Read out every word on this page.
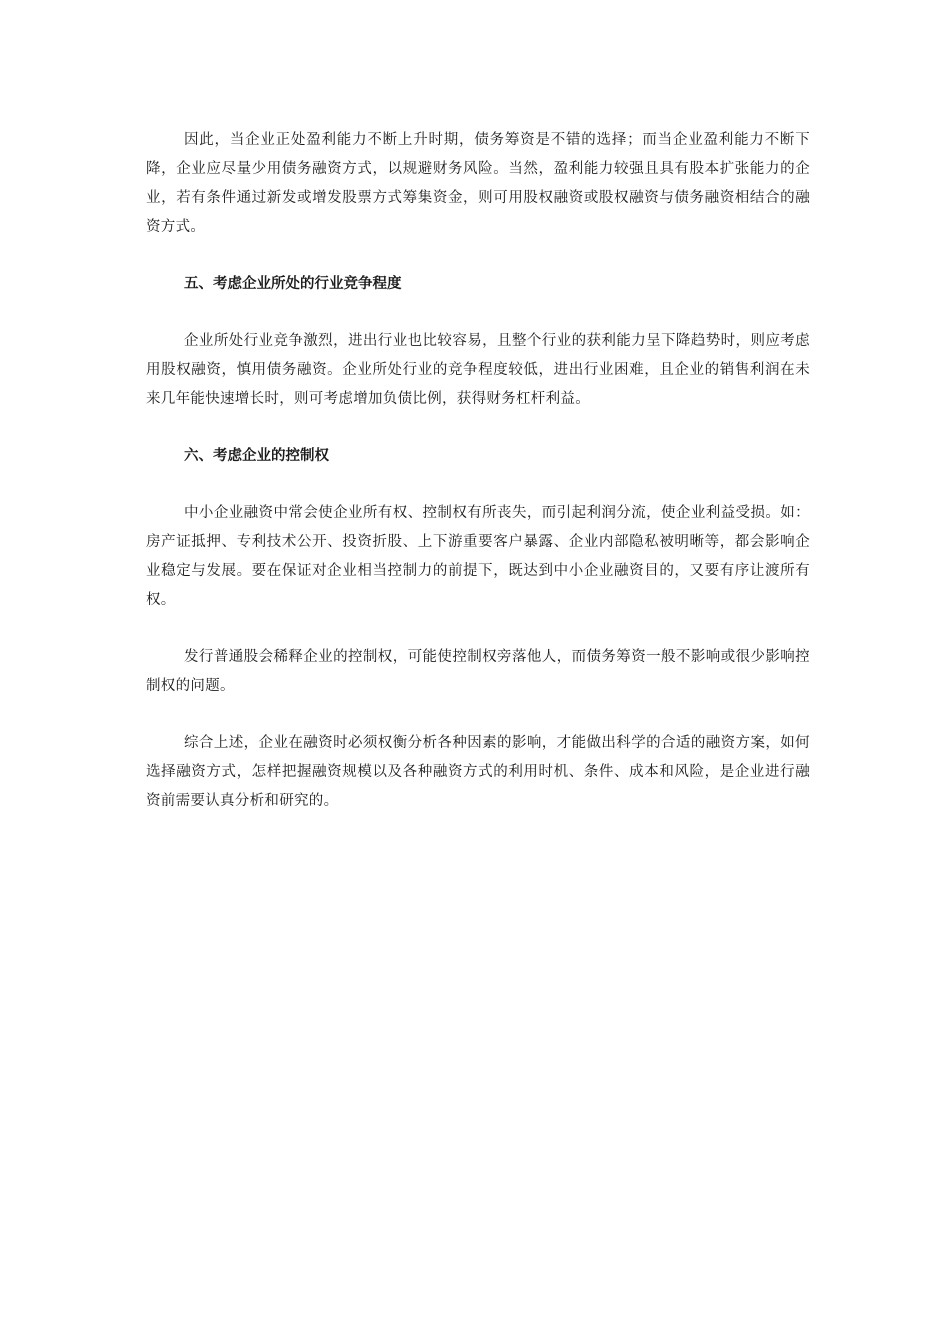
因此，当企业正处盈利能力不断上升时期，债务筹资是不错的选择；而当企业盈利能力不断下降，企业应尽量少用债务融资方式，以规避财务风险。当然，盈利能力较强且具有股本扩张能力的企业，若有条件通过新发或增发股票方式筹集资金，则可用股权融资或股权融资与债务融资相结合的融资方式。

五、考虑企业所处的行业竞争程度

企业所处行业竞争激烈，进出行业也比较容易，且整个行业的获利能力呈下降趋势时，则应考虑用股权融资，慎用债务融资。企业所处行业的竞争程度较低，进出行业困难，且企业的销售利润在未来几年能快速增长时，则可考虑增加负债比例，获得财务杠杆利益。

六、考虑企业的控制权

中小企业融资中常会使企业所有权、控制权有所丧失，而引起利润分流，使企业利益受损。如：房产证抵押、专利技术公开、投资折股、上下游重要客户暴露、企业内部隐私被明晰等，都会影响企业稳定与发展。要在保证对企业相当控制力的前提下，既达到中小企业融资目的，又要有序让渡所有权。

发行普通股会稀释企业的控制权，可能使控制权旁落他人，而债务筹资一般不影响或很少影响控制权的问题。

综合上述，企业在融资时必须权衡分析各种因素的影响，才能做出科学的合适的融资方案，如何选择融资方式，怎样把握融资规模以及各种融资方式的利用时机、条件、成本和风险，是企业进行融资前需要认真分析和研究的。
